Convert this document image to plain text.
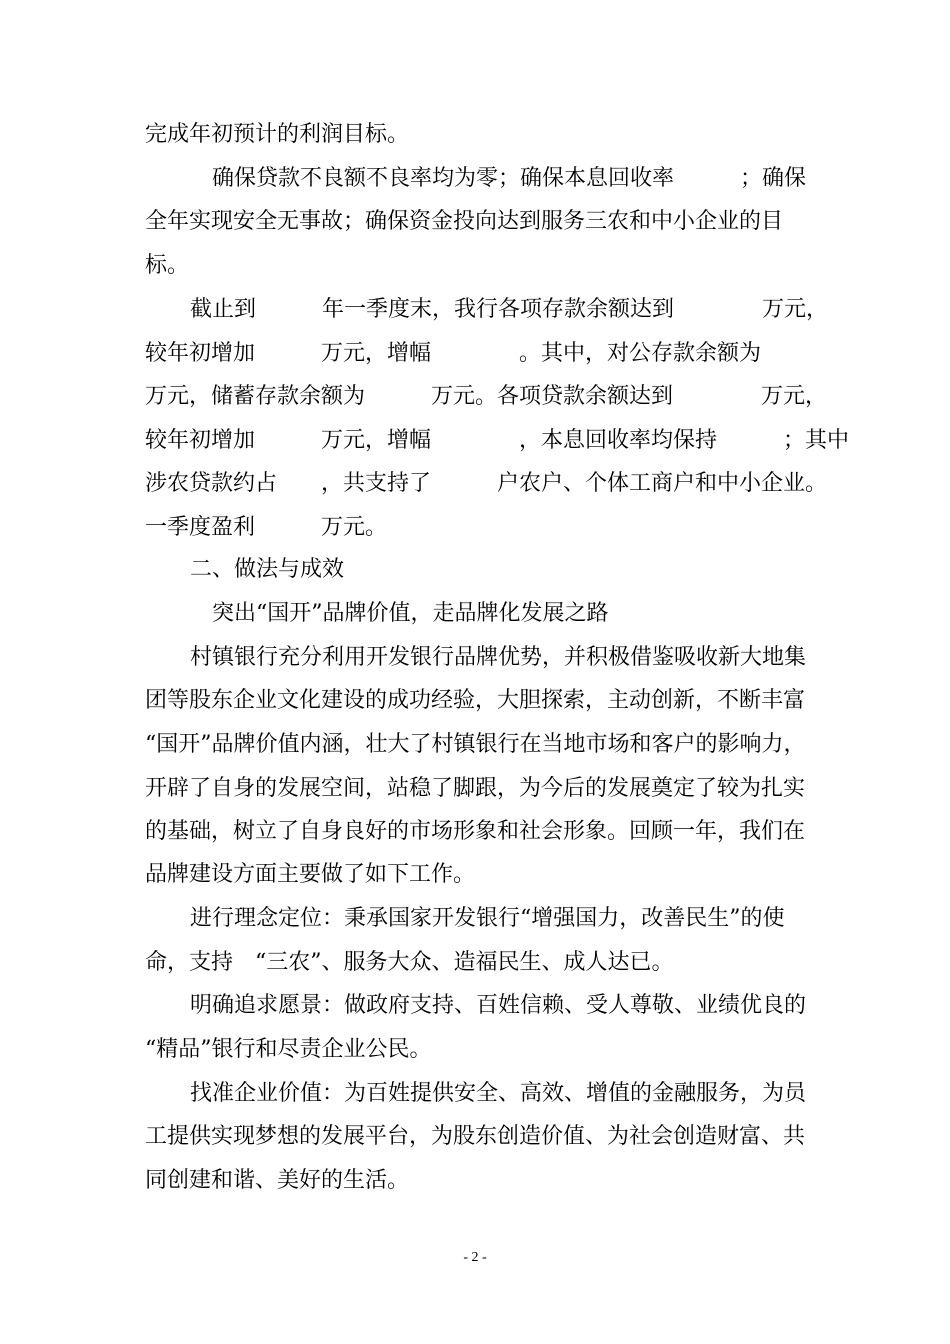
完成年初预计的利润目标。
确保贷款不良额不良率均为零；确保本息回收率　　　；确保
全年实现安全无事故；确保资金投向达到服务三农和中小企业的目
标。
截止到　　　年一季度末，我行各项存款余额达到　　　　万元，
较年初增加　　　万元，增幅　　　　。其中，对公存款余额为
万元，储蓄存款余额为　　　万元。各项贷款余额达到　　　　万元，
较年初增加　　　万元，增幅　　　　，本息回收率均保持　　　；其中
涉农贷款约占　　，共支持了　　　户农户、个体工商户和中小企业。
一季度盈利　　　万元。
二、做法与成效
突出“国开”品牌价值，走品牌化发展之路
村镇银行充分利用开发银行品牌优势，并积极借鉴吸收新大地集
团等股东企业文化建设的成功经验，大胆探索，主动创新，不断丰富
“国开”品牌价值内涵，壮大了村镇银行在当地市场和客户的影响力，
开辟了自身的发展空间，站稳了脚跟，为今后的发展奠定了较为扎实
的基础，树立了自身良好的市场形象和社会形象。回顾一年，我们在
品牌建设方面主要做了如下工作。
进行理念定位：秉承国家开发银行“增强国力，改善民生”的使
命，支持　“三农”、服务大众、造福民生、成人达已。
明确追求愿景：做政府支持、百姓信赖、受人尊敬、业绩优良的
“精品”银行和尽责企业公民。
找准企业价值：为百姓提供安全、高效、增值的金融服务，为员
工提供实现梦想的发展平台，为股东创造价值、为社会创造财富、共
同创建和谐、美好的生活。
- 2 -
